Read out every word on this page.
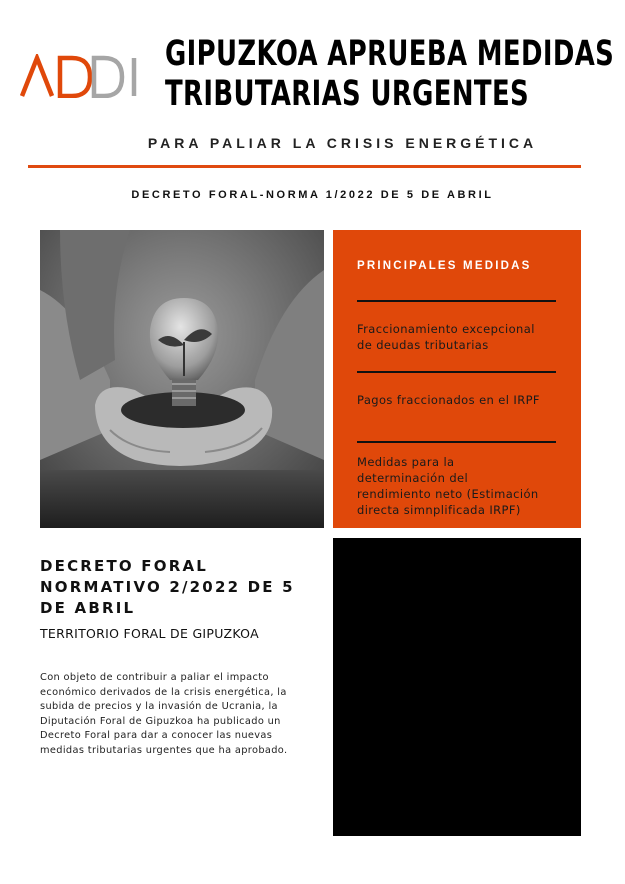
GIPUZKOA APRUEBA MEDIDAS
TRIBUTARIAS URGENTES
PARA PALIAR LA CRISIS ENERGÉTICA
DECRETO FORAL-NORMA 1/2022 DE 5 DE ABRIL
PRINCIPALES MEDIDAS
Fraccionamiento excepcional
de deudas tributarias
Pagos fraccionados en el IRPF
Medidas para la
determinación del
rendimiento neto (Estimación
directa simnplificada IRPF)
DECRETO FORAL
NORMATIVO 2/2022 DE 5
DE ABRIL
TERRITORIO FORAL DE GIPUZKOA
Con objeto de contribuir a paliar el impacto
económico derivados de la crisis energética, la
subida de precios y la invasión de Ucrania, la
Diputación Foral de Gipuzkoa ha publicado un
Decreto Foral para dar a conocer las nuevas
medidas tributarias urgentes que ha aprobado.
